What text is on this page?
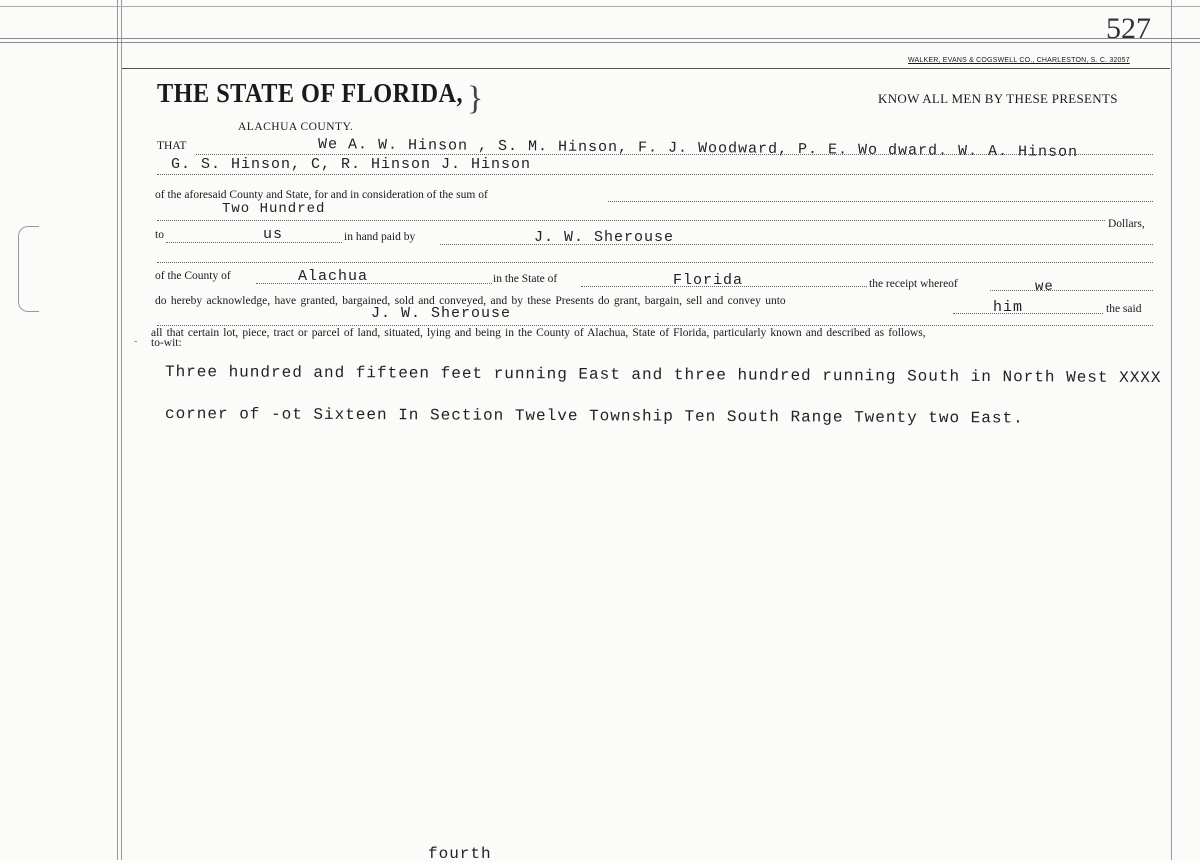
527
WALKER, EVANS & COGSWELL CO., CHARLESTON, S. C. 32057
THE STATE OF FLORIDA, }	KNOW ALL MEN BY THESE PRESENTS
ALACHUA COUNTY.
THAT	We A. W. Hinson , S. M. Hinson, F. J. Woodward, P. E. Wo dward. W. A. Hinson
G. S. Hinson, C, R. Hinson J. Hinson
of the aforesaid County and State, for and in consideration of the sum of
Two Hundred
Dollars,
to	us	in hand paid by	J. W. Sherouse
of the County of	Alachua	in the State of	Florida	the receipt whereof	we
do hereby acknowledge, have granted, bargained, sold and conveyed, and by these Presents do grant, bargain, sell and convey unto	him	the said
J. W. Sherouse
all that certain lot, piece, tract or parcel of land, situated, lying and being in the County of Alachua, State of Florida, particularly known and described as follows,
to-wit:
-
Three hundred and fifteen feet running East and three hundred running South in North West XXXX
corner of -ot Sixteen In Section Twelve Township Ten South Range Twenty two East.
fourth
